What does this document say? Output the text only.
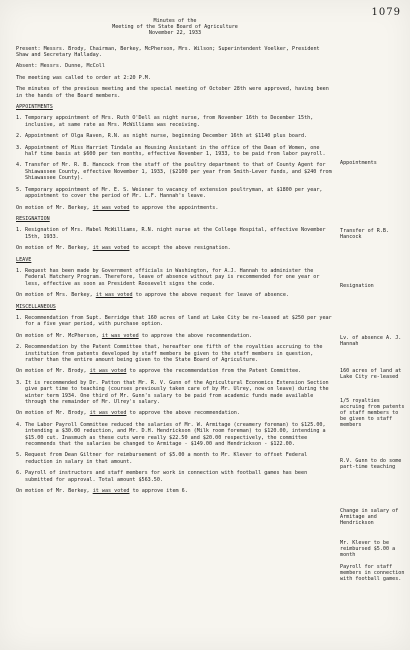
1079
Minutes of the
Meeting of the State Board of Agriculture
November 22, 1933
Present: Messrs. Brody, Chairman, Berkey, McPherson, Mrs. Wilson; Superintendent Voelker, President Shaw and Secretary Halladay.
Absent: Messrs. Dunne, McColl
The meeting was called to order at 2:20 P.M.
The minutes of the previous meeting and the special meeting of October 28th were approved, having been in the hands of the Board members.
APPOINTMENTS
1. Temporary appointment of Mrs. Ruth O'Dell as night nurse, from November 16th to December 15th, inclusive, at same rate as Mrs. McWilliams was receiving.
2. Appointment of Olga Raven, R.N. as night nurse, beginning December 16th at $1140 plus board.
3. Appointment of Miss Harriet Tindale as Housing Assistant in the office of the Dean of Women, one half time basis at $600 per ten months, effective November 1, 1933, to be paid from labor payroll.
4. Transfer of Mr. R. B. Hancock from the staff of the poultry department to that of County Agent for Shiawassee County, effective November 1, 1933, ($2100 per year from Smith-Lever funds, and $240 from Shiawassee County).
5. Temporary appointment of Mr. E. S. Weisner to vacancy of extension poultryman, at $1800 per year, appointment to cover the period of Mr. L.F. Hannah's leave.
On motion of Mr. Berkey, it was voted to approve the appointments.
RESIGNATION
1. Resignation of Mrs. Mabel McWilliams, R.N. night nurse at the College Hospital, effective November 15th, 1933.
On motion of Mr. Berkey, it was voted to accept the above resignation.
LEAVE
1. Request has been made by Government officials in Washington, for A.J. Hannah to administer the Federal Hatchery Program. Therefore, leave of absence without pay is recommended for one year or less, effective as soon as President Roosevelt signs the code.
On motion of Mrs. Berkey, it was voted to approve the above request for leave of absence.
MISCELLANEOUS
1. Recommendation from Supt. Berridge that 160 acres of land at Lake City be re-leased at $250 per year for a five year period, with purchase option.
On motion of Mr. McPherson, it was voted to approve the above recommendation.
2. Recommendation by the Patent Committee that, hereafter one fifth of the royalties accruing to the institution from patents developed by staff members be given to the staff members in question, rather than the entire amount being given to the State Board of Agriculture.
On motion of Mr. Brody, it was voted to approve the recommendation from the Patent Committee.
3. It is recommended by Dr. Patton that Mr. R. V. Gunn of the Agricultural Economics Extension Section give part time to teaching (courses previously taken care of by Mr. Ulrey, now on leave) during the winter term 1934. One third of Mr. Gunn's salary to be paid from academic funds made available through the remainder of Mr. Ulrey's salary.
On motion of Mr. Brody, it was voted to approve the above recommendation.
4. The Labor Payroll Committee reduced the salaries of Mr. W. Armitage (creamery foreman) to $125.00, intending a $30.00 reduction, and Mr. D.H. Hendrickson (Milk room foreman) to $120.00, intending a $15.00 cut. Inasmuch as these cuts were really $22.50 and $20.00 respectively, the committee recommends that the salaries be changed to Armitage - $149.00 and Hendrickson - $122.00.
5. Request from Dean Giltner for reimbursement of $5.00 a month to Mr. Klever to offset Federal reduction in salary in that amount.
6. Payroll of instructors and staff members for work in connection with football games has been submitted for approval. Total amount $563.50.
On motion of Mr. Berkey, it was voted to approve item 6.
Appointments
Transfer of R.B. Hancock
Resignation
Lv. of absence A. J. Hannah
160 acres of land at Lake City re-leased
1/5 royalties accruing from patents of staff members to be given to staff members
R.V. Gunn to do some part-time teaching
Change in salary of Armitage and Hendrickson
Mr. Klever to be reimbursed $5.00 a month
Payroll for staff members in connection with football games.
